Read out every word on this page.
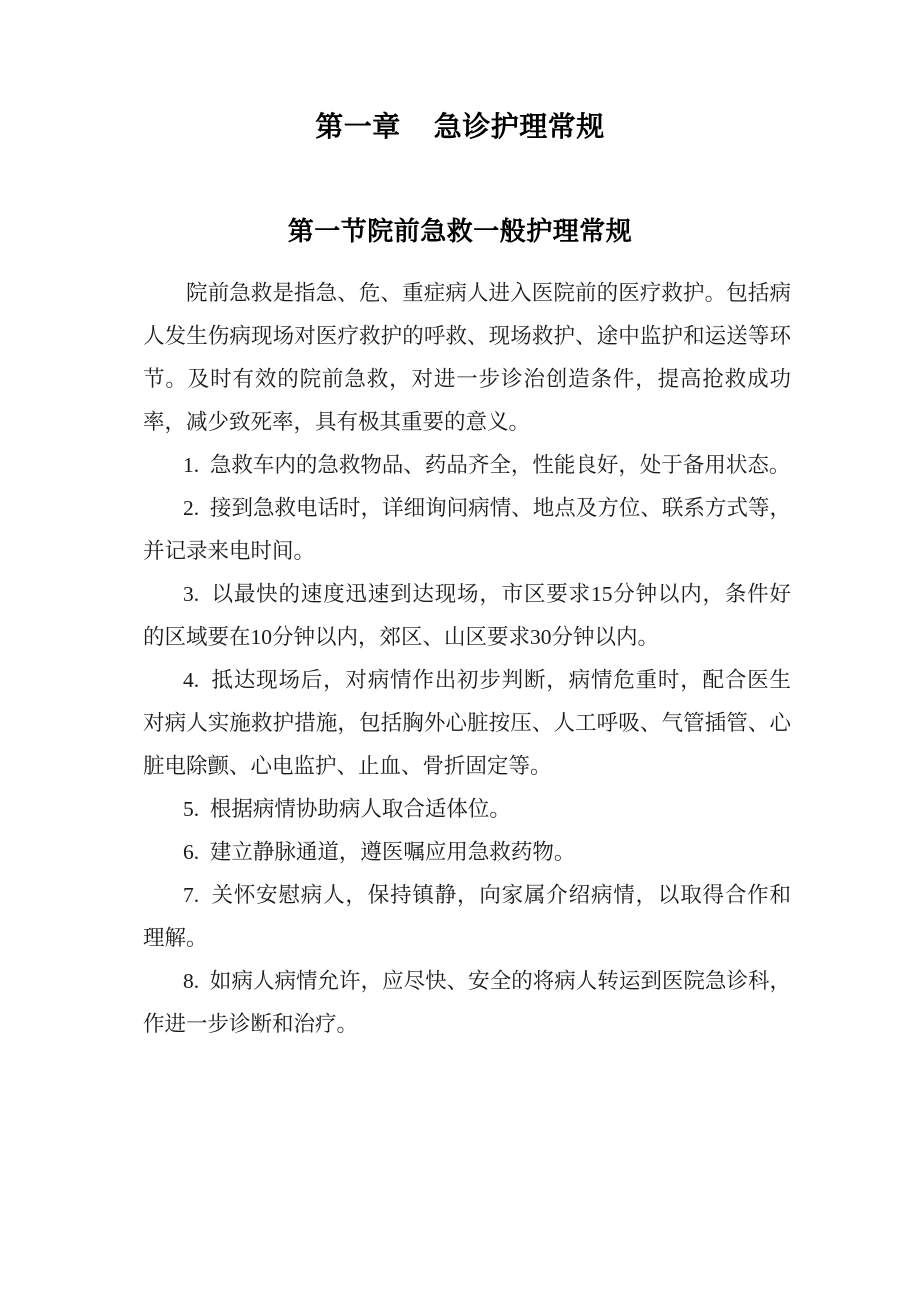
第一章    急诊护理常规
第一节院前急救一般护理常规

院前急救是指急、危、重症病人进入医院前的医疗救护。包括病人发生伤病现场对医疗救护的呼救、现场救护、途中监护和运送等环节。及时有效的院前急救，对进一步诊治创造条件，提高抢救成功率，减少致死率，具有极其重要的意义。

1. 急救车内的急救物品、药品齐全，性能良好，处于备用状态。

2. 接到急救电话时，详细询问病情、地点及方位、联系方式等，并记录来电时间。

3. 以最快的速度迅速到达现场，市区要求15分钟以内，条件好 的区域要在10分钟以内，郊区、山区要求30分钟以内。

4. 抵达现场后，对病情作出初步判断，病情危重时，配合医生 对病人实施救护措施，包括胸外心脏按压、人工呼吸、气管插管、心 脏电除颤、心电监护、止血、骨折固定等。

5. 根据病情协助病人取合适体位。

6. 建立静脉通道，遵医嘱应用急救药物。

7. 关怀安慰病人，保持镇静，向家属介绍病情，以取得合作和 理解。

8. 如病人病情允许，应尽快、安全的将病人转运到医院急诊科，作进一步诊断和治疗。
